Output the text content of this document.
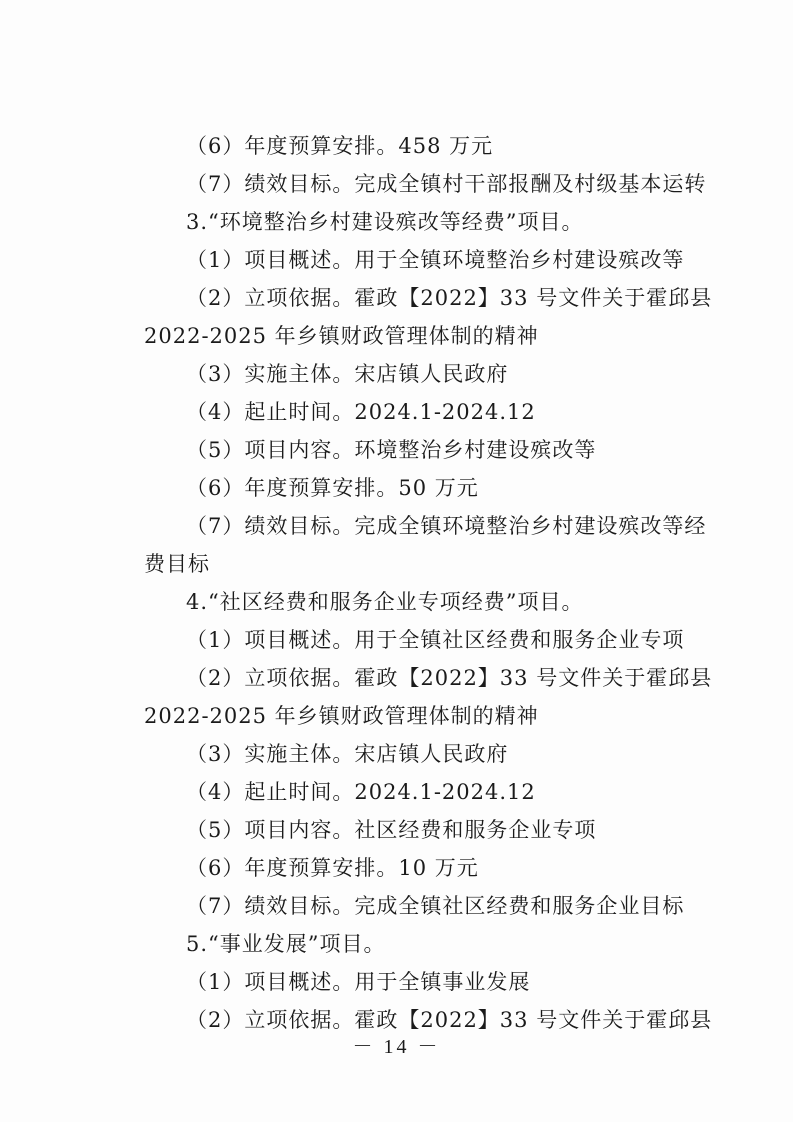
（6）年度预算安排。458 万元
（7）绩效目标。完成全镇村干部报酬及村级基本运转
3.“环境整治乡村建设殡改等经费”项目。
（1）项目概述。用于全镇环境整治乡村建设殡改等
（2）立项依据。霍政【2022】33 号文件关于霍邱县
2022-2025 年乡镇财政管理体制的精神
（3）实施主体。宋店镇人民政府
（4）起止时间。2024.1-2024.12
（5）项目内容。环境整治乡村建设殡改等
（6）年度预算安排。50 万元
（7）绩效目标。完成全镇环境整治乡村建设殡改等经
费目标
4.“社区经费和服务企业专项经费”项目。
（1）项目概述。用于全镇社区经费和服务企业专项
（2）立项依据。霍政【2022】33 号文件关于霍邱县
2022-2025 年乡镇财政管理体制的精神
（3）实施主体。宋店镇人民政府
（4）起止时间。2024.1-2024.12
（5）项目内容。社区经费和服务企业专项
（6）年度预算安排。10 万元
（7）绩效目标。完成全镇社区经费和服务企业目标
5.“事业发展”项目。
（1）项目概述。用于全镇事业发展
（2）立项依据。霍政【2022】33 号文件关于霍邱县
－ 14 －
